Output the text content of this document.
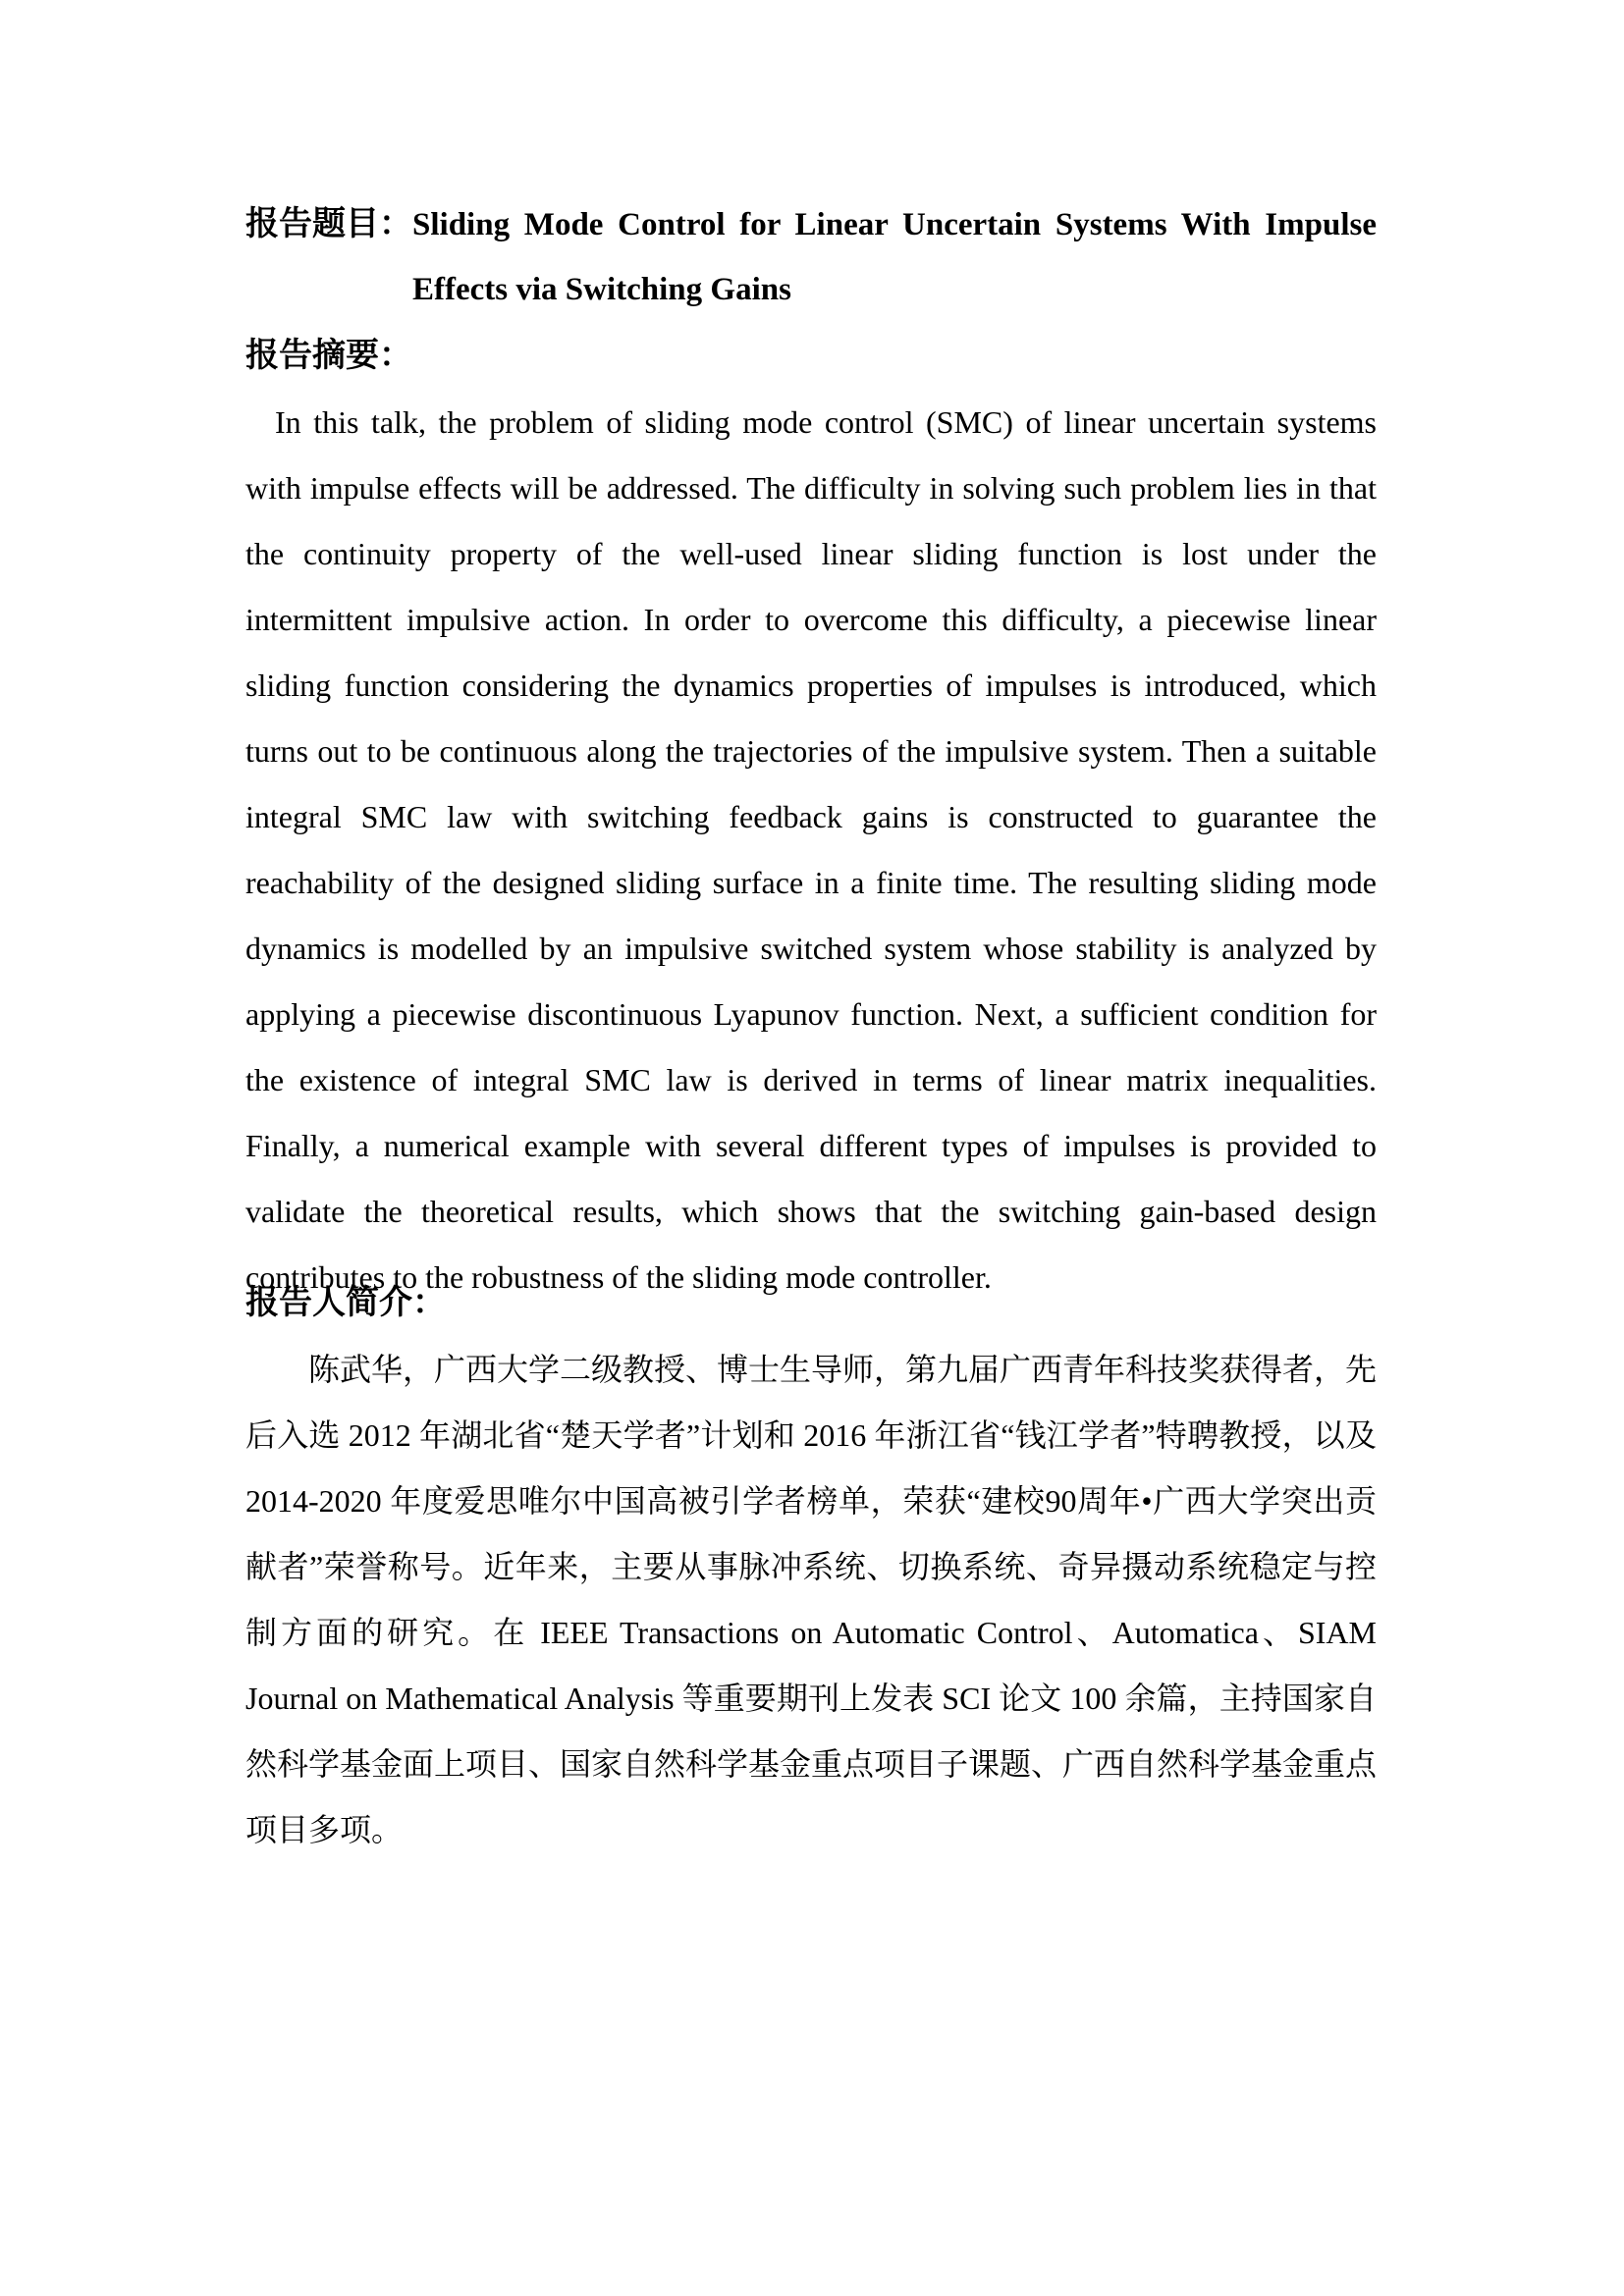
报告题目： Sliding Mode Control for Linear Uncertain Systems With Impulse
Effects via Switching Gains
报告摘要：
In this talk, the problem of sliding mode control (SMC) of linear uncertain systems with impulse effects will be addressed. The difficulty in solving such problem lies in that the continuity property of the well-used linear sliding function is lost under the intermittent impulsive action. In order to overcome this difficulty, a piecewise linear sliding function considering the dynamics properties of impulses is introduced, which turns out to be continuous along the trajectories of the impulsive system. Then a suitable integral SMC law with switching feedback gains is constructed to guarantee the reachability of the designed sliding surface in a finite time. The resulting sliding mode dynamics is modelled by an impulsive switched system whose stability is analyzed by applying a piecewise discontinuous Lyapunov function. Next, a sufficient condition for the existence of integral SMC law is derived in terms of linear matrix inequalities. Finally, a numerical example with several different types of impulses is provided to validate the theoretical results, which shows that the switching gain-based design contributes to the robustness of the sliding mode controller.
报告人简介：
陈武华，广西大学二级教授、博士生导师，第九届广西青年科技奖获得者，先后入选 2012 年湖北省“楚天学者”计划和 2016 年浙江省“钱江学者”特聘教授，以及 2014-2020 年度爱思唯尔中国高被引学者榜单，荣获“建校90周年•广西大学突出贡献者”荣誉称号。近年来，主要从事脉冲系统、切换系统、奇异摄动系统稳定与控制方面的研究。在 IEEE Transactions on Automatic Control、Automatica、SIAM Journal on Mathematical Analysis 等重要期刊上发表 SCI 论文 100 余篇，主持国家自然科学基金面上项目、国家自然科学基金重点项目子课题、广西自然科学基金重点项目多项。
